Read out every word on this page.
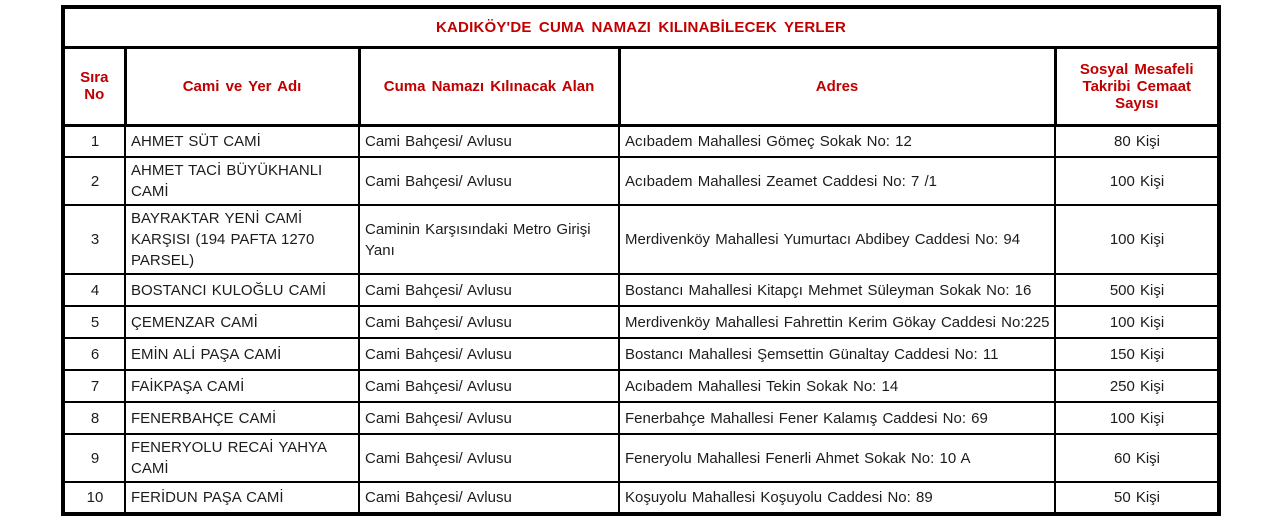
KADIKÖY'DE CUMA NAMAZI KILINABİLECEK YERLER				
Sıra No	Cami ve Yer Adı	Cuma Namazı Kılınacak Alan	Adres	Sosyal Mesafeli Takribi Cemaat Sayısı
1	AHMET SÜT CAMİ	Cami Bahçesi/ Avlusu	Acıbadem Mahallesi Gömeç Sokak No: 12	80 Kişi
2	AHMET TACİ BÜYÜKHANLI CAMİ	Cami Bahçesi/ Avlusu	Acıbadem Mahallesi Zeamet Caddesi No: 7 /1	100 Kişi
3	BAYRAKTAR YENİ CAMİ KARŞISI (194 PAFTA 1270 PARSEL)	Caminin Karşısındaki Metro Girişi Yanı	Merdivenköy Mahallesi Yumurtacı Abdibey Caddesi No: 94	100 Kişi
4	BOSTANCI KULOĞLU CAMİ	Cami Bahçesi/ Avlusu	Bostancı Mahallesi Kitapçı Mehmet Süleyman Sokak No: 16	500 Kişi
5	ÇEMENZAR CAMİ	Cami Bahçesi/ Avlusu	Merdivenköy Mahallesi Fahrettin Kerim Gökay Caddesi No:225	100 Kişi
6	EMİN ALİ PAŞA CAMİ	Cami Bahçesi/ Avlusu	Bostancı Mahallesi Şemsettin Günaltay Caddesi No: 11	150 Kişi
7	FAİKPAŞA CAMİ	Cami Bahçesi/ Avlusu	Acıbadem Mahallesi Tekin Sokak No: 14	250 Kişi
8	FENERBAHÇE CAMİ	Cami Bahçesi/ Avlusu	Fenerbahçe Mahallesi Fener Kalamış Caddesi No: 69	100 Kişi
9	FENERYOLU RECAİ YAHYA CAMİ	Cami Bahçesi/ Avlusu	Feneryolu Mahallesi Fenerli Ahmet Sokak No: 10 A	60 Kişi
10	FERİDUN PAŞA CAMİ	Cami Bahçesi/ Avlusu	Koşuyolu Mahallesi Koşuyolu Caddesi No: 89	50 Kişi
